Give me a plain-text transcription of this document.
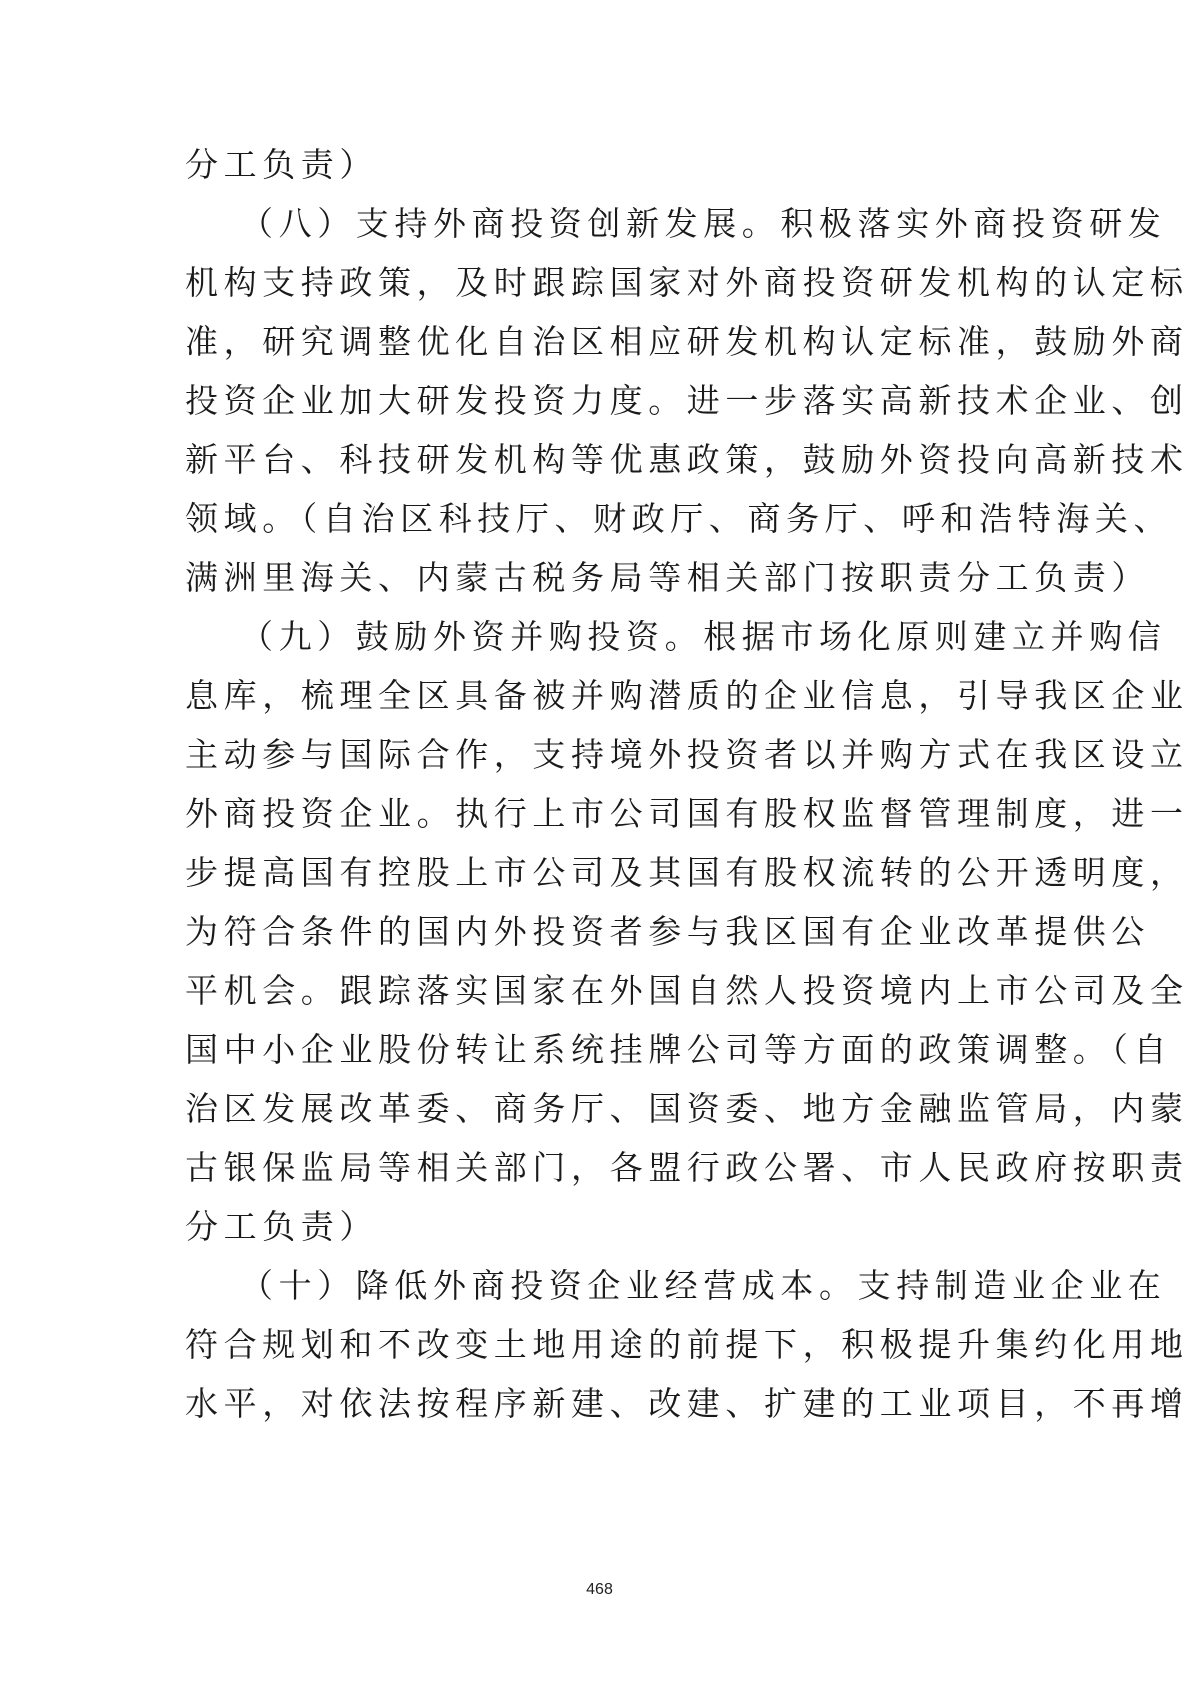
分工负责）
（八）支持外商投资创新发展。积极落实外商投资研发
机构支持政策，及时跟踪国家对外商投资研发机构的认定标
准，研究调整优化自治区相应研发机构认定标准，鼓励外商
投资企业加大研发投资力度。进一步落实高新技术企业、创
新平台、科技研发机构等优惠政策，鼓励外资投向高新技术
领域。（自治区科技厅、财政厅、商务厅、呼和浩特海关、
满洲里海关、内蒙古税务局等相关部门按职责分工负责）
（九）鼓励外资并购投资。根据市场化原则建立并购信
息库，梳理全区具备被并购潜质的企业信息，引导我区企业
主动参与国际合作，支持境外投资者以并购方式在我区设立
外商投资企业。执行上市公司国有股权监督管理制度，进一
步提高国有控股上市公司及其国有股权流转的公开透明度，
为符合条件的国内外投资者参与我区国有企业改革提供公
平机会。跟踪落实国家在外国自然人投资境内上市公司及全
国中小企业股份转让系统挂牌公司等方面的政策调整。（自
治区发展改革委、商务厅、国资委、地方金融监管局，内蒙
古银保监局等相关部门，各盟行政公署、市人民政府按职责
分工负责）
（十）降低外商投资企业经营成本。支持制造业企业在
符合规划和不改变土地用途的前提下，积极提升集约化用地
水平，对依法按程序新建、改建、扩建的工业项目，不再增
468
